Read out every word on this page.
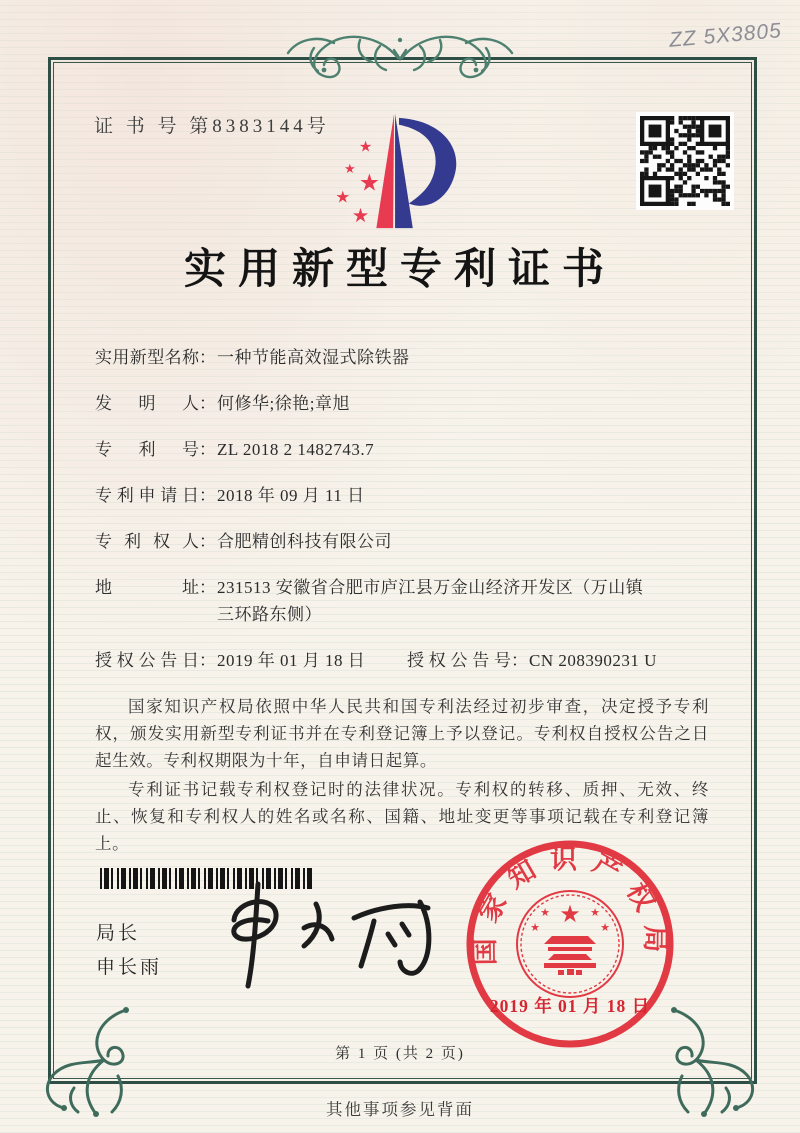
ZZ 5X3805
证 书 号 第8383144号
★
★
★
★
★
实用新型专利证书
实用新型名称 ： 一种节能高效湿式除铁器
发明人 ： 何修华;徐艳;章旭
专利号 ： ZL 2018 2 1482743.7
专利申请日 ： 2018 年 09 月 11 日
专利权人 ： 合肥精创科技有限公司
地址 ： 231513 安徽省合肥市庐江县万金山经济开发区（万山镇三环路东侧）
授权公告日 ： 2019 年 01 月 18 日	授权公告号 ： CN 208390231 U

国家知识产权局依照中华人民共和国专利法经过初步审查，决定授予专利权，颁发实用新型专利证书并在专利登记簿上予以登记。专利权自授权公告之日起生效。专利权期限为十年，自申请日起算。

专利证书记载专利权登记时的法律状况。专利权的转移、质押、无效、终止、恢复和专利权人的姓名或名称、国籍、地址变更等事项记载在专利登记簿上。

局长
申长雨
国家知识产权局
★
★
★
★
★
2019 年 01 月 18 日
第 1 页 (共 2 页)
其他事项参见背面
